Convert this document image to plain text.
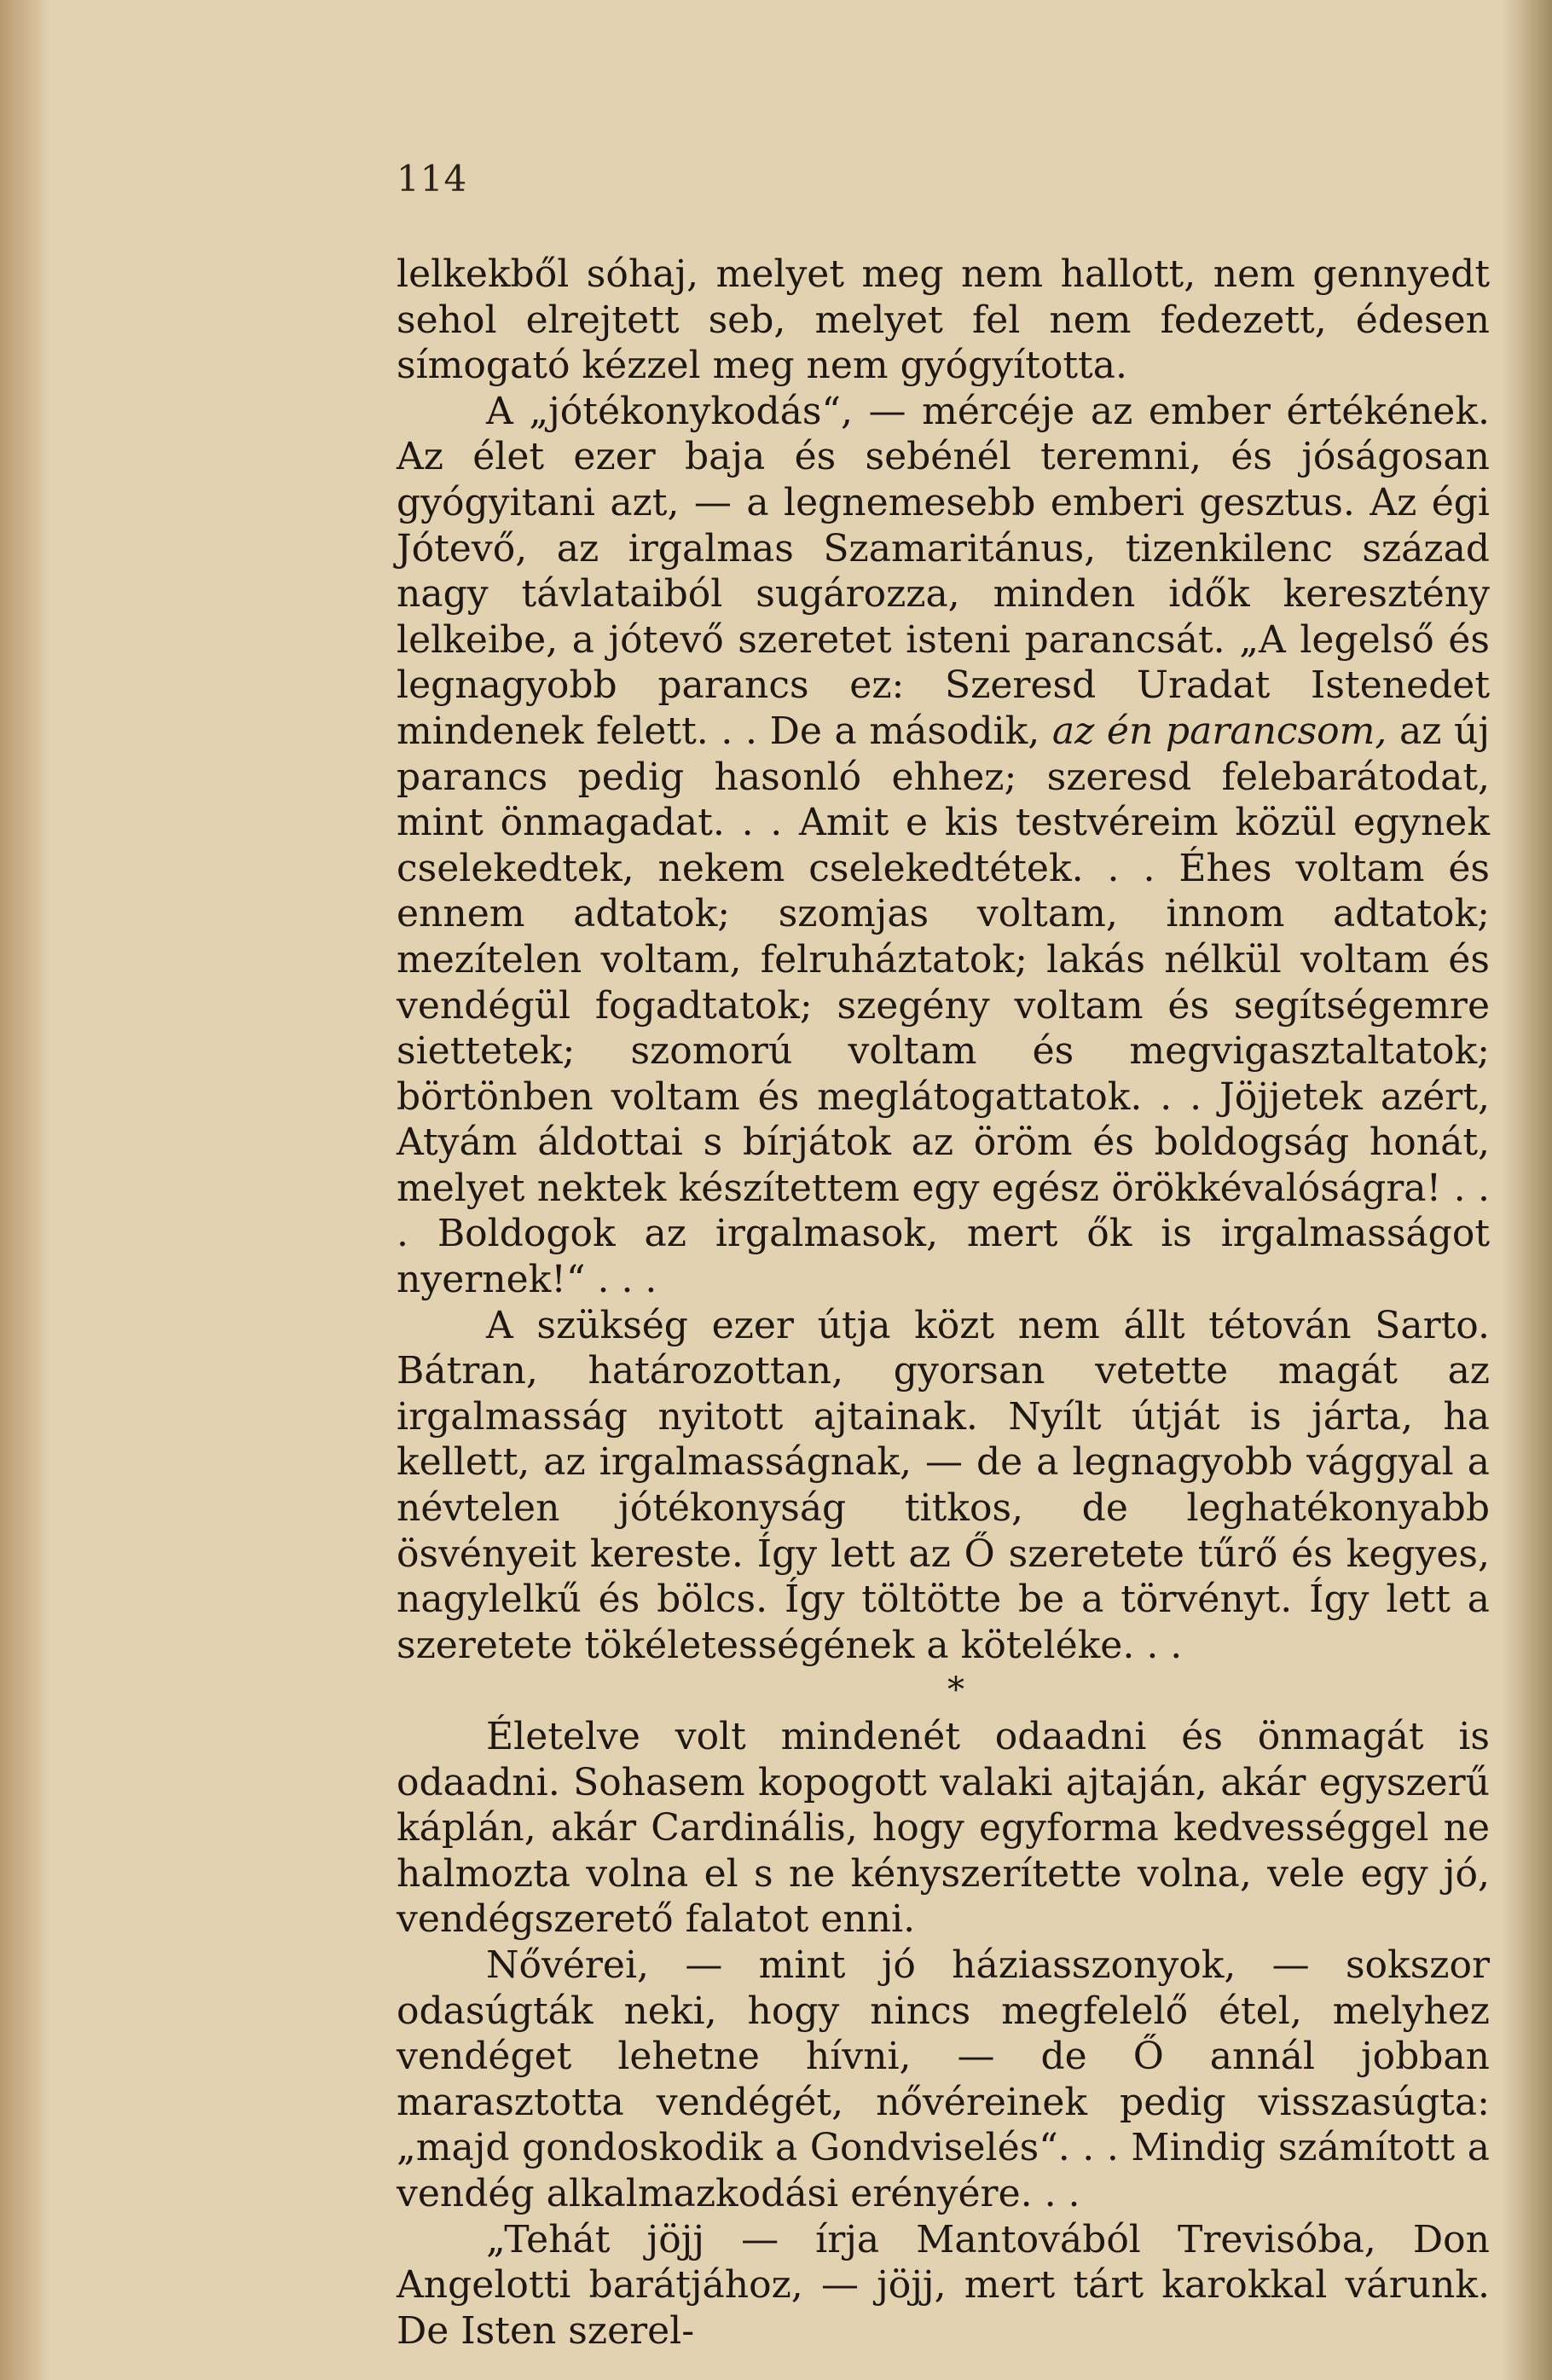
114

lelkekből sóhaj, melyet meg nem hallott, nem gennyedt sehol elrejtett seb, melyet fel nem fedezett, édesen símogató kézzel meg nem gyógyította.

A „jótékonykodás“, — mércéje az ember értékének. Az élet ezer baja és sebénél teremni, és jóságosan gyógyitani azt, — a legnemesebb emberi gesztus. Az égi Jótevő, az irgalmas Szamaritánus, tizenkilenc század nagy távlataiból sugározza, minden idők keresztény lelkeibe, a jótevő szeretet isteni parancsát. „A legelső és legnagyobb parancs ez: Szeresd Uradat Istenedet mindenek felett. . . De a második, az én parancsom, az új parancs pedig hasonló ehhez; szeresd felebarátodat, mint önmagadat. . . Amit e kis testvéreim közül egynek cselekedtek, nekem cselekedtétek. . . Éhes voltam és ennem adtatok; szomjas voltam, innom adtatok; mezítelen voltam, felruháztatok; lakás nélkül voltam és vendégül fogadtatok; szegény voltam és segítségemre siettetek; szomorú voltam és megvigasztaltatok; börtönben voltam és meglátogattatok. . . Jöjjetek azért, Atyám áldottai s bírjátok az öröm és boldogság honát, melyet nektek készítettem egy egész örökkévalóságra! . . . Boldogok az irgalmasok, mert ők is irgalmasságot nyernek!“ . . .

A szükség ezer útja közt nem állt tétován Sarto. Bátran, határozottan, gyorsan vetette magát az irgalmasság nyitott ajtainak. Nyílt útját is járta, ha kellett, az irgalmasságnak, — de a legnagyobb vággyal a névtelen jótékonyság titkos, de leghatékonyabb ösvényeit kereste. Így lett az Ő szeretete tűrő és kegyes, nagylelkű és bölcs. Így töltötte be a törvényt. Így lett a szeretete tökéletességének a köteléke. . .

*

Életelve volt mindenét odaadni és önmagát is odaadni. Sohasem kopogott valaki ajtaján, akár egyszerű káplán, akár Cardinális, hogy egyforma kedvességgel ne halmozta volna el s ne kényszerítette volna, vele egy jó, vendégszerető falatot enni.

Nővérei, — mint jó háziasszonyok, — sokszor odasúgták neki, hogy nincs megfelelő étel, melyhez vendéget lehetne hívni, — de Ő annál jobban marasztotta vendégét, nővéreinek pedig visszasúgta: „majd gondoskodik a Gondviselés“. . . Mindig számított a vendég alkalmazkodási erényére. . .

„Tehát jöjj — írja Mantovából Trevisóba, Don Angelotti barátjához, — jöjj, mert tárt karokkal várunk. De Isten szerel-
